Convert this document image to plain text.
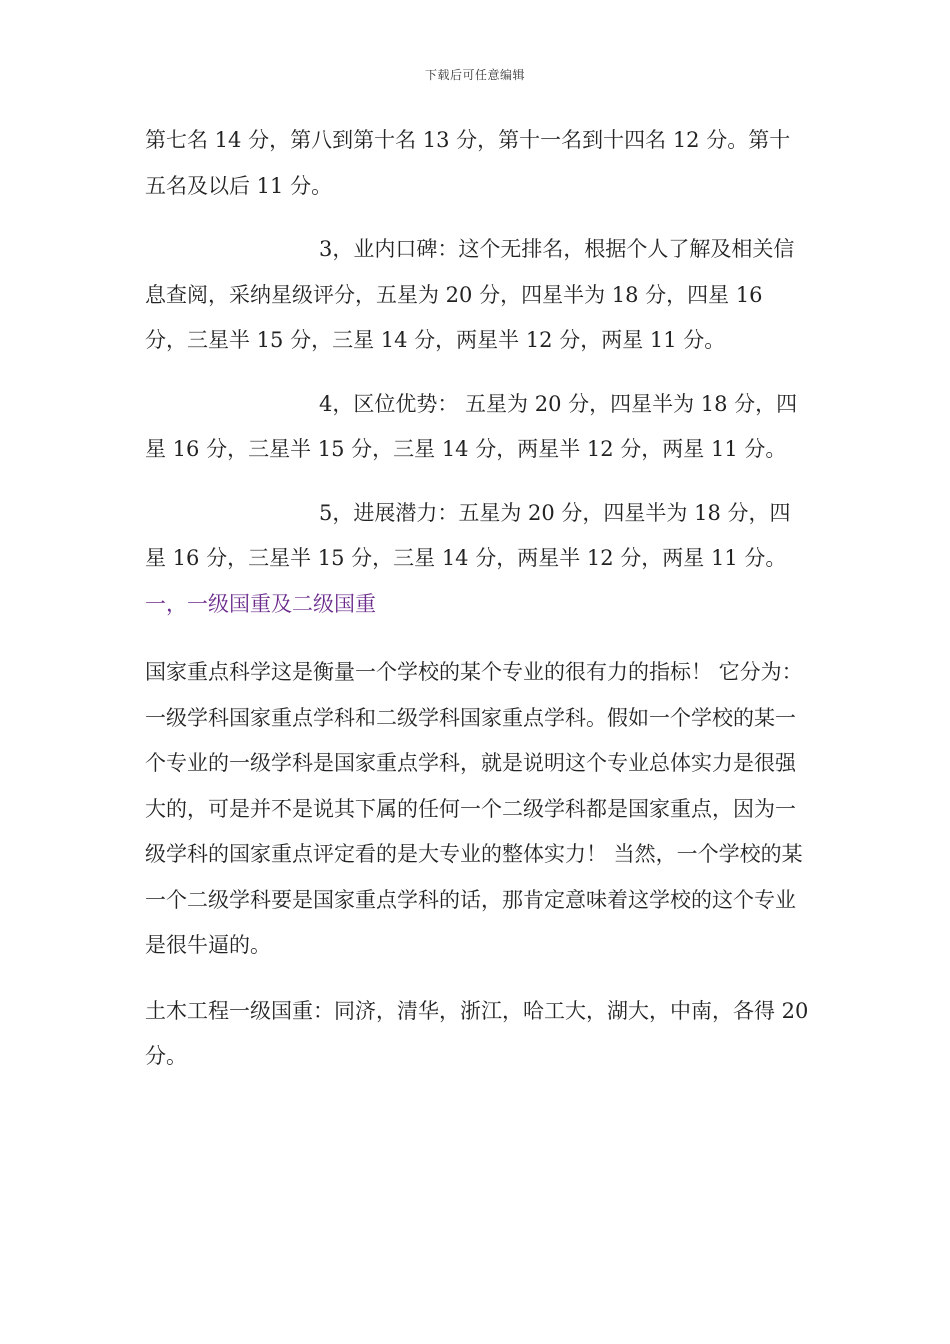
下载后可任意编辑

第七名 14 分，第八到第十名 13 分，第十一名到十四名 12 分。第十五名及以后 11 分。

3，业内口碑：这个无排名，根据个人了解及相关信息查阅，采纳星级评分，五星为 20 分，四星半为 18 分，四星 16 分，三星半 15 分，三星 14 分，两星半 12 分，两星 11 分。

4，区位优势： 五星为 20 分，四星半为 18 分，四星 16 分，三星半 15 分，三星 14 分，两星半 12 分，两星 11 分。

5，进展潜力：五星为 20 分，四星半为 18 分，四星 16 分，三星半 15 分，三星 14 分，两星半 12 分，两星 11 分。

一，一级国重及二级国重

国家重点科学这是衡量一个学校的某个专业的很有力的指标！ 它分为：一级学科国家重点学科和二级学科国家重点学科。假如一个学校的某一个专业的一级学科是国家重点学科，就是说明这个专业总体实力是很强大的，可是并不是说其下属的任何一个二级学科都是国家重点，因为一级学科的国家重点评定看的是大专业的整体实力！ 当然，一个学校的某一个二级学科要是国家重点学科的话，那肯定意味着这学校的这个专业是很牛逼的。

土木工程一级国重：同济，清华，浙江，哈工大，湖大，中南，各得 20 分。
